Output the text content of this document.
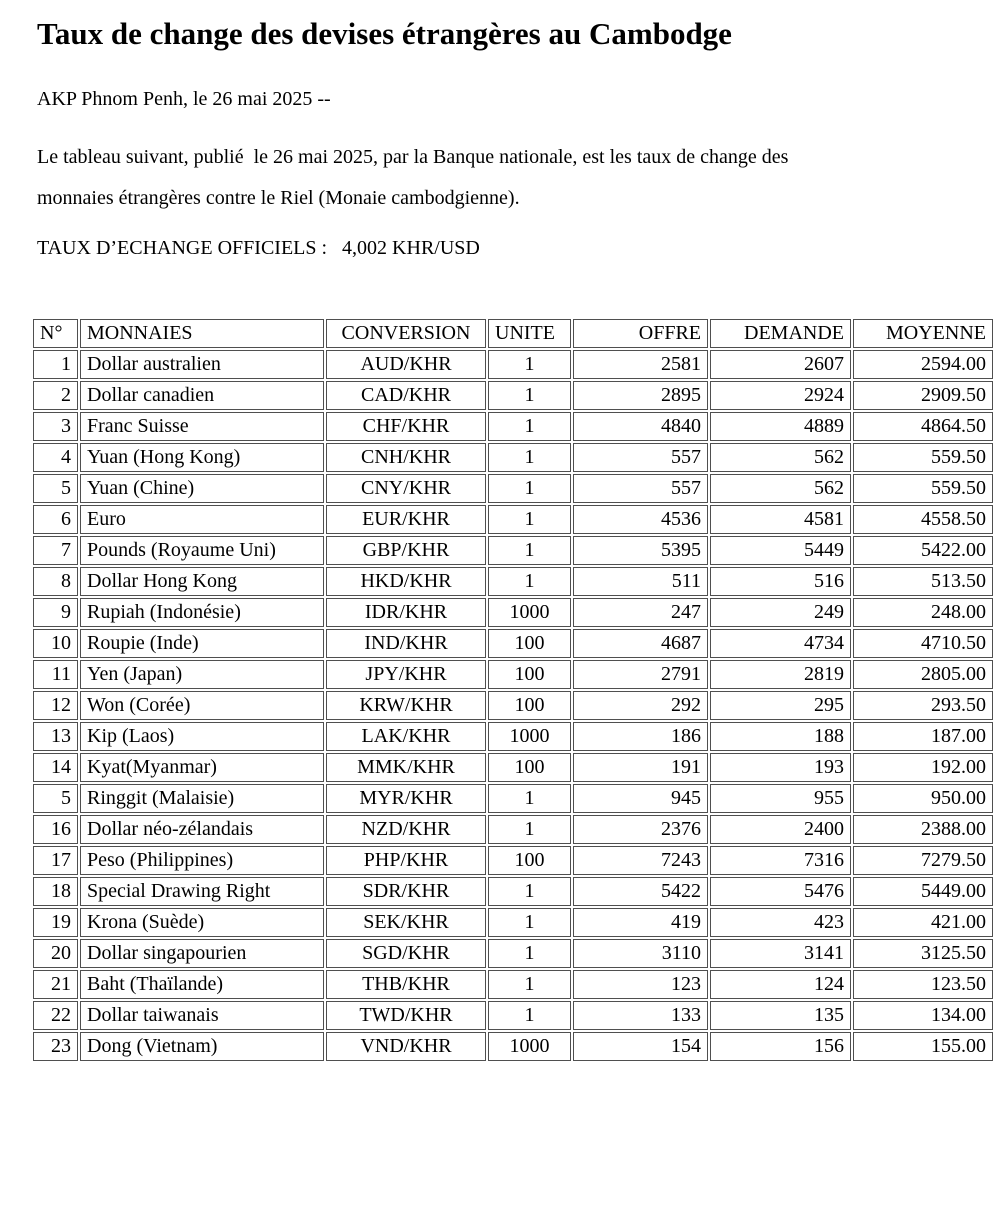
Taux de change des devises étrangères au Cambodge

AKP Phnom Penh, le 26 mai 2025 --

Le tableau suivant, publié  le 26 mai 2025, par la Banque nationale, est les taux de change des
monnaies étrangères contre le Riel (Monaie cambodgienne).

TAUX D’ECHANGE OFFICIELS :   4,002 KHR/USD

N°	MONNAIES	CONVERSION	UNITE	OFFRE	DEMANDE	MOYENNE
1	Dollar australien	AUD/KHR	1	2581	2607	2594.00
2	Dollar canadien	CAD/KHR	1	2895	2924	2909.50
3	Franc Suisse	CHF/KHR	1	4840	4889	4864.50
4	Yuan (Hong Kong)	CNH/KHR	1	557	562	559.50
5	Yuan (Chine)	CNY/KHR	1	557	562	559.50
6	Euro	EUR/KHR	1	4536	4581	4558.50
7	Pounds (Royaume Uni)	GBP/KHR	1	5395	5449	5422.00
8	Dollar Hong Kong	HKD/KHR	1	511	516	513.50
9	Rupiah (Indonésie)	IDR/KHR	1000	247	249	248.00
10	Roupie (Inde)	IND/KHR	100	4687	4734	4710.50
11	Yen (Japan)	JPY/KHR	100	2791	2819	2805.00
12	Won (Corée)	KRW/KHR	100	292	295	293.50
13	Kip (Laos)	LAK/KHR	1000	186	188	187.00
14	Kyat(Myanmar)	MMK/KHR	100	191	193	192.00
5	Ringgit (Malaisie)	MYR/KHR	1	945	955	950.00
16	Dollar néo-zélandais	NZD/KHR	1	2376	2400	2388.00
17	Peso (Philippines)	PHP/KHR	100	7243	7316	7279.50
18	Special Drawing Right	SDR/KHR	1	5422	5476	5449.00
19	Krona (Suède)	SEK/KHR	1	419	423	421.00
20	Dollar singapourien	SGD/KHR	1	3110	3141	3125.50
21	Baht (Thaïlande)	THB/KHR	1	123	124	123.50
22	Dollar taiwanais	TWD/KHR	1	133	135	134.00
23	Dong (Vietnam)	VND/KHR	1000	154	156	155.00
